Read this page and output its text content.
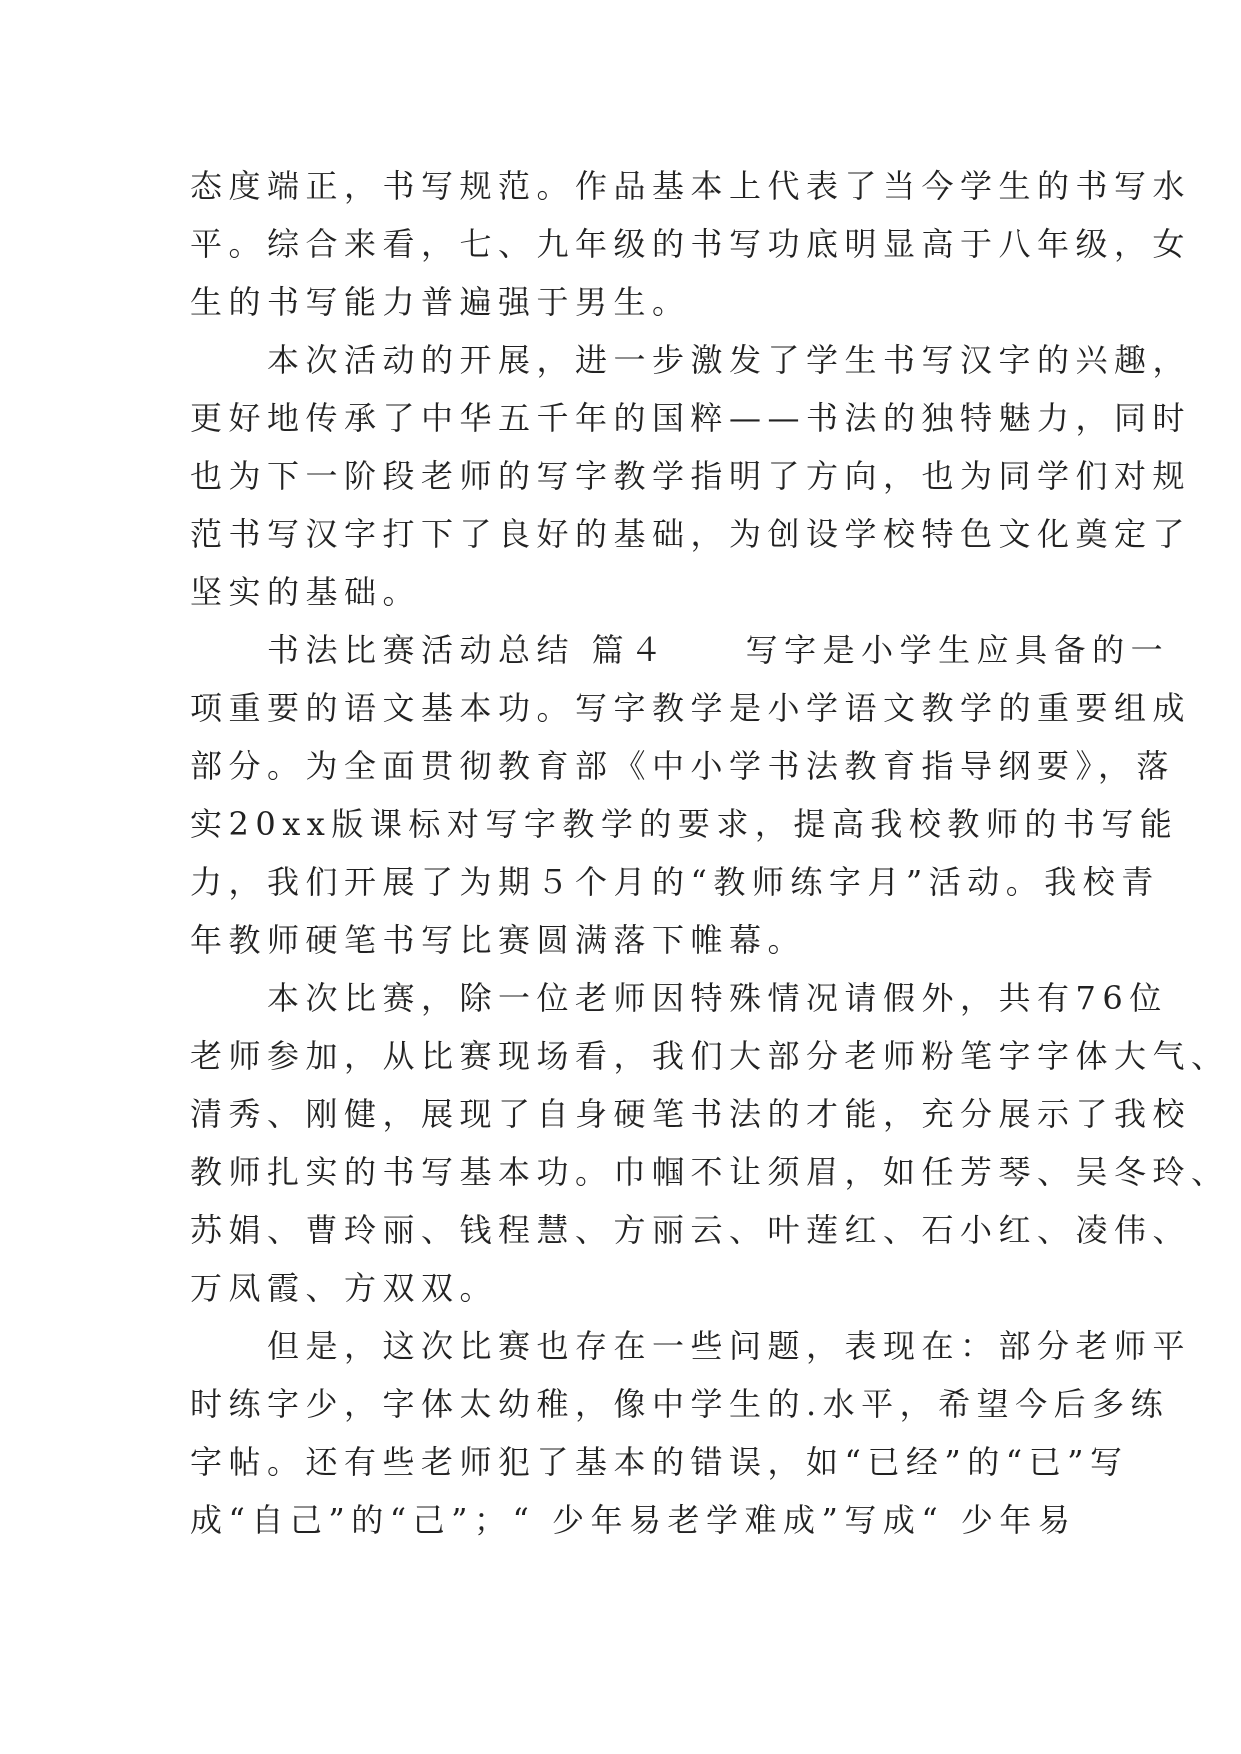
态度端正，书写规范。作品基本上代表了当今学生的书写水
平。综合来看，七、九年级的书写功底明显高于八年级，女
生的书写能力普遍强于男生。
　　本次活动的开展，进一步激发了学生书写汉字的兴趣，
更好地传承了中华五千年的国粹——书法的独特魅力，同时
也为下一阶段老师的写字教学指明了方向，也为同学们对规
范书写汉字打下了良好的基础，为创设学校特色文化奠定了
坚实的基础。
　　书法比赛活动总结 篇４　　写字是小学生应具备的一
项重要的语文基本功。写字教学是小学语文教学的重要组成
部分。为全面贯彻教育部《中小学书法教育指导纲要》，落
实20xx版课标对写字教学的要求，提高我校教师的书写能
力，我们开展了为期５个月的“教师练字月”活动。我校青
年教师硬笔书写比赛圆满落下帷幕。
　　本次比赛，除一位老师因特殊情况请假外，共有76位
老师参加，从比赛现场看，我们大部分老师粉笔字字体大气、
清秀、刚健，展现了自身硬笔书法的才能，充分展示了我校
教师扎实的书写基本功。巾帼不让须眉，如任芳琴、吴冬玲、
苏娟、曹玲丽、钱程慧、方丽云、叶莲红、石小红、凌伟、
万凤霞、方双双。
　　但是，这次比赛也存在一些问题，表现在：部分老师平
时练字少，字体太幼稚，像中学生的.水平，希望今后多练
字帖。还有些老师犯了基本的错误，如“已经”的“已”写
成“自己”的“己”；“ 少年易老学难成”写成“ 少年易
